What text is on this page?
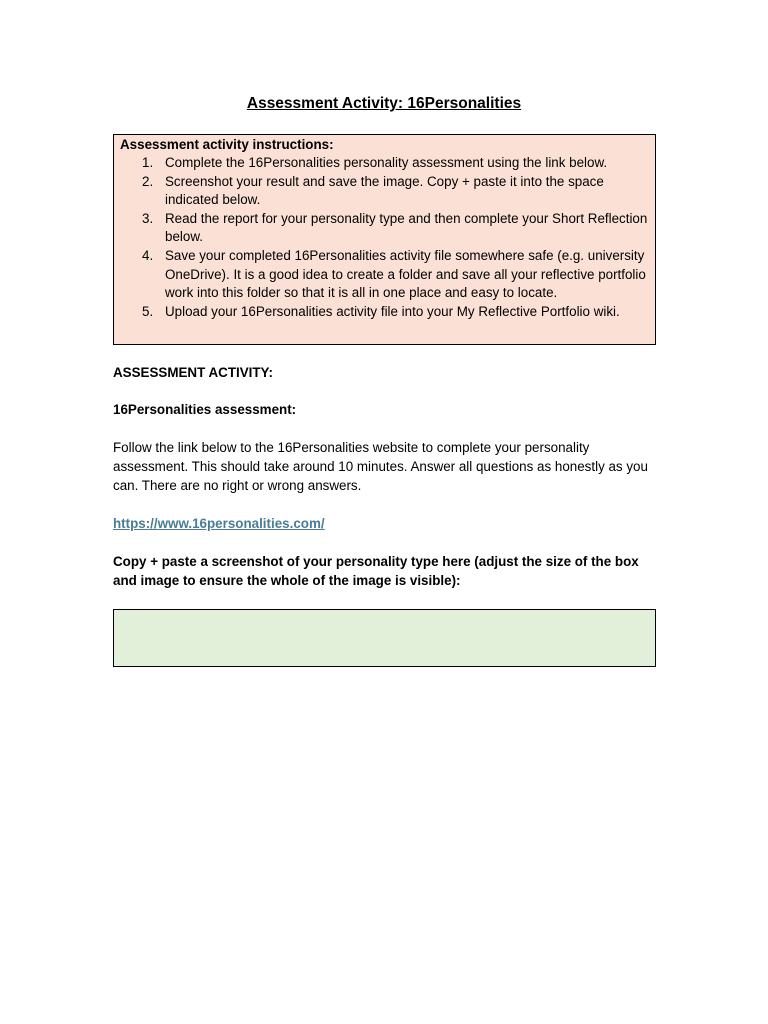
Assessment Activity: 16Personalities
Assessment activity instructions:
1. Complete the 16Personalities personality assessment using the link below.
2. Screenshot your result and save the image. Copy + paste it into the space indicated below.
3. Read the report for your personality type and then complete your Short Reflection below.
4. Save your completed 16Personalities activity file somewhere safe (e.g. university OneDrive). It is a good idea to create a folder and save all your reflective portfolio work into this folder so that it is all in one place and easy to locate.
5. Upload your 16Personalities activity file into your My Reflective Portfolio wiki.
ASSESSMENT ACTIVITY:
16Personalities assessment:
Follow the link below to the 16Personalities website to complete your personality assessment. This should take around 10 minutes. Answer all questions as honestly as you can. There are no right or wrong answers.
https://www.16personalities.com/
Copy + paste a screenshot of your personality type here (adjust the size of the box and image to ensure the whole of the image is visible):
